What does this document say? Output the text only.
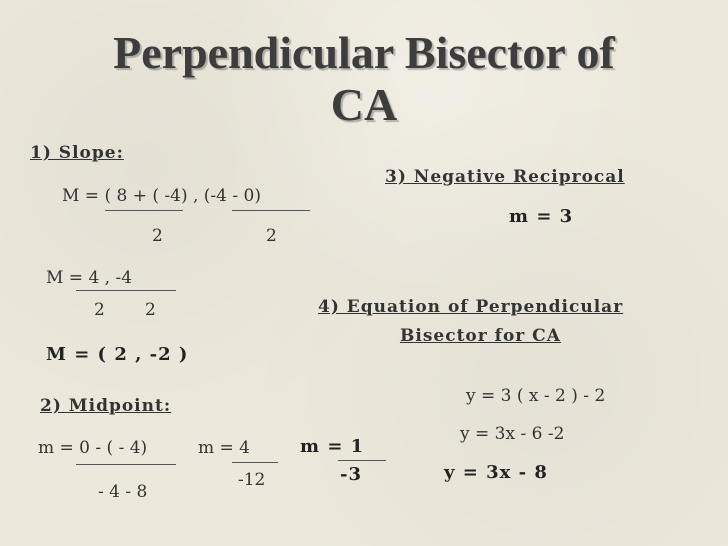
Perpendicular Bisector of
CA
1) Slope:
M = ( 8 + ( -4) , (-4 - 0)
2	2
M = 4 , -4
2 2
M = ( 2 , -2 )
2) Midpoint:
m = 0 - ( - 4)
- 4 - 8
m = 4
-12
m = 1
-3
3) Negative Reciprocal
m = 3
4) Equation of Perpendicular
Bisector for CA
y = 3 ( x - 2 ) - 2
y = 3x - 6 -2
y = 3x - 8
